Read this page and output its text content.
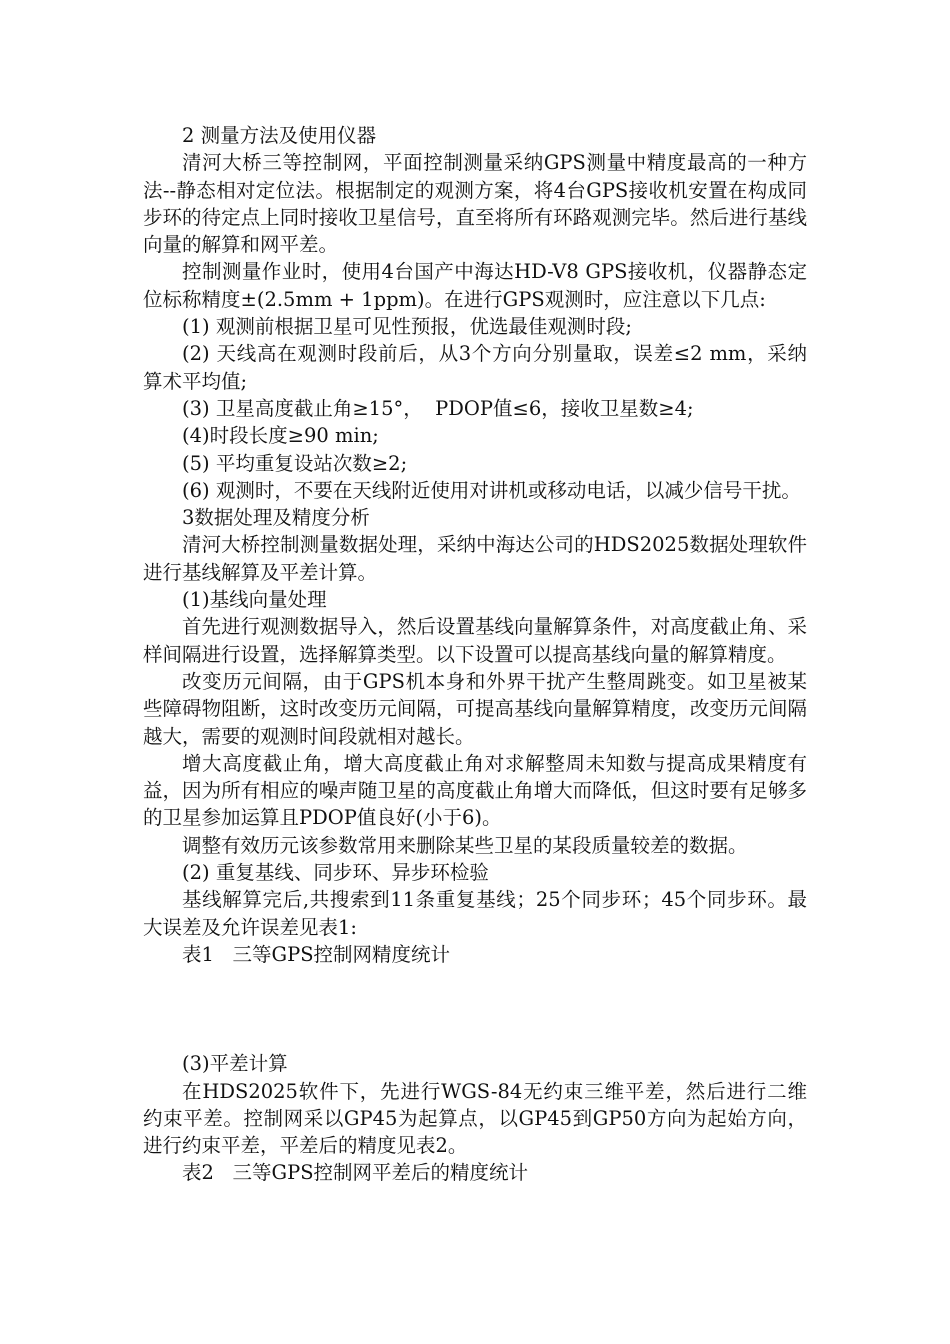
2 测量方法及使用仪器

清河大桥三等控制网，平面控制测量采纳GPS测量中精度最高的一种方法--静态相对定位法。根据制定的观测方案，将4台GPS接收机安置在构成同步环的待定点上同时接收卫星信号，直至将所有环路观测完毕。然后进行基线向量的解算和网平差。

控制测量作业时，使用4台国产中海达HD-V8 GPS接收机，仪器静态定位标称精度±(2.5mm + 1ppm)。在进行GPS观测时，应注意以下几点:

(1) 观测前根据卫星可见性预报，优选最佳观测时段;

(2) 天线高在观测时段前后，从3个方向分别量取，误差≤2 mm，采纳算术平均值;

(3) 卫星高度截止角≥15°，  PDOP值≤6，接收卫星数≥4;

(4)时段长度≥90 min;

(5) 平均重复设站次数≥2;

(6) 观测时，不要在天线附近使用对讲机或移动电话，以减少信号干扰。

3数据处理及精度分析

清河大桥控制测量数据处理，采纳中海达公司的HDS2025数据处理软件进行基线解算及平差计算。

(1)基线向量处理

首先进行观测数据导入，然后设置基线向量解算条件，对高度截止角、采样间隔进行设置，选择解算类型。以下设置可以提高基线向量的解算精度。

改变历元间隔，由于GPS机本身和外界干扰产生整周跳变。如卫星被某些障碍物阻断，这时改变历元间隔，可提高基线向量解算精度，改变历元间隔越大，需要的观测时间段就相对越长。

增大高度截止角，增大高度截止角对求解整周未知数与提高成果精度有益，因为所有相应的噪声随卫星的高度截止角增大而降低，但这时要有足够多的卫星参加运算且PDOP值良好(小于6)。

调整有效历元该参数常用来删除某些卫星的某段质量较差的数据。

(2) 重复基线、同步环、异步环检验

基线解算完后,共搜索到11条重复基线；25个同步环；45个同步环。最大误差及允许误差见表1:

表1   三等GPS控制网精度统计

(3)平差计算

在HDS2025软件下，先进行WGS-84无约束三维平差，然后进行二维约束平差。控制网采以GP45为起算点，以GP45到GP50方向为起始方向，进行约束平差，平差后的精度见表2。

表2   三等GPS控制网平差后的精度统计
